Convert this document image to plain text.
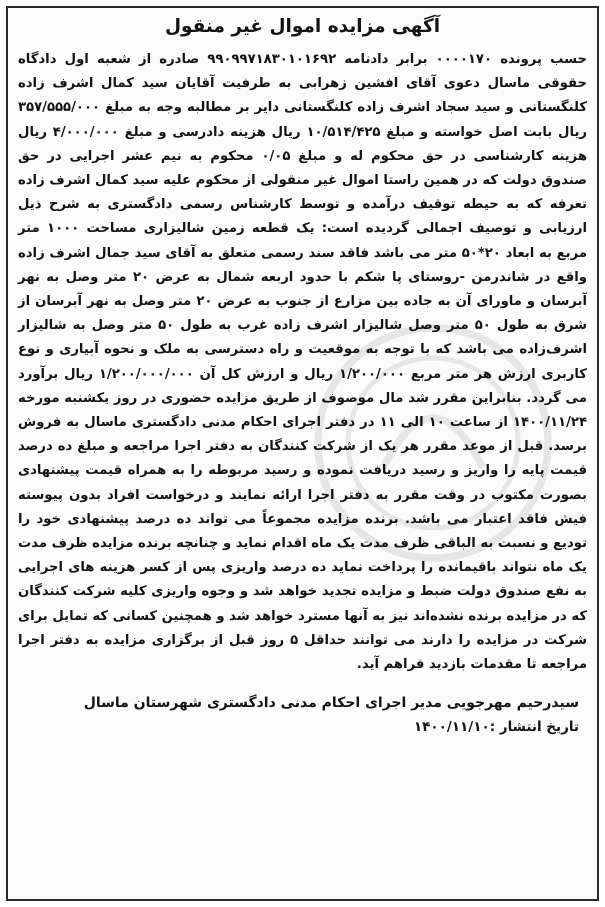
آگهی مزایده اموال غیر منقول
حسب پرونده ۰۰۰۰۱۷۰ برابر دادنامه ۹۹۰۹۹۷۱۸۳۰۱۰۱۶۹۲ صادره از شعبه اول دادگاه حقوقی ماسال دعوی آقای افشین زهرابی به طرفیت آقایان سید کمال اشرف زاده کلنگستانی و سید سجاد اشرف زاده کلنگستانی دایر بر مطالبه وجه به مبلغ ۳۵۷/۵۵۵/۰۰۰ ریال بابت اصل خواسته و مبلغ ۱۰/۵۱۴/۴۲۵ ریال هزینه دادرسی و مبلغ ۴/۰۰۰/۰۰۰ ریال هزینه کارشناسی در حق محکوم له و مبلغ ۰/۰۵ محکوم به نیم عشر اجرایی در حق صندوق دولت که در همین راستا اموال غیر منقولی از محکوم علیه سید کمال اشرف زاده تعرفه که به حیطه توقیف درآمده و توسط کارشناس رسمی دادگستری به شرح ذیل ارزیابی و توصیف اجمالی گردیده است: یک قطعه زمین شالیزاری مساحت ۱۰۰۰ متر مربع به ابعاد ۲۰*۵۰ متر می باشد فاقد سند رسمی متعلق به آقای سید جمال اشرف زاده واقع در شاندرمن -روستای پا شکم با حدود اربعه شمال به عرض ۲۰ متر وصل به نهر آبرسان و ماورای آن به جاده بین مزارع از جنوب به عرض ۲۰ متر وصل به نهر آبرسان از شرق به طول ۵۰ متر وصل شالیزار اشرف زاده غرب به طول ۵۰ متر وصل به شالیزار اشرف‌زاده می باشد که با توجه به موقعیت و راه دسترسی به ملک و نحوه آبیاری و نوع کاربری ارزش هر متر مربع ۱/۲۰۰/۰۰۰ ریال و ارزش کل آن ۱/۲۰۰/۰۰۰/۰۰۰ ریال برآورد می گردد. بنابراین مقرر شد مال موصوف از طریق مزایده حضوری در روز یکشنبه مورخه ۱۴۰۰/۱۱/۲۴ از ساعت ۱۰ الی ۱۱ در دفتر اجرای احکام مدنی دادگستری ماسال به فروش برسد. قبل از موعد مقرر هر یک از شرکت کنندگان به دفتر اجرا مراجعه و مبلغ ده درصد قیمت پایه را واریز و رسید دریافت نموده و رسید مربوطه را به همراه قیمت پیشنهادی بصورت مکتوب در وقت مقرر به دفتر اجرا ارائه نمایند و درخواست افراد بدون پیوسته فیش فاقد اعتبار می باشد. برنده مزایده مجموعاً می تواند ده درصد پیشنهادی خود را تودیع و نسبت به الباقی ظرف مدت یک ماه اقدام نماید و چنانچه برنده مزایده ظرف مدت یک ماه نتواند باقیمانده را پرداخت نماید ده درصد واریزی پس از کسر هزینه های اجرایی به نفع صندوق دولت ضبط و مزایده تجدید خواهد شد و وجوه واریزی کلیه شرکت کنندگان که در مزایده برنده نشده‌اند نیز به آنها مسترد خواهد شد و همچنین کسانی که تمایل برای شرکت در مزایده را دارند می توانند حداقل ۵ روز قبل از برگزاری مزایده به دفتر اجرا مراجعه تا مقدمات بازدید فراهم آید.
سیدرحیم مهرجویی مدیر اجرای احکام مدنی دادگستری شهرستان ماسال
تاریخ انتشار :۱۴۰۰/۱۱/۱۰
